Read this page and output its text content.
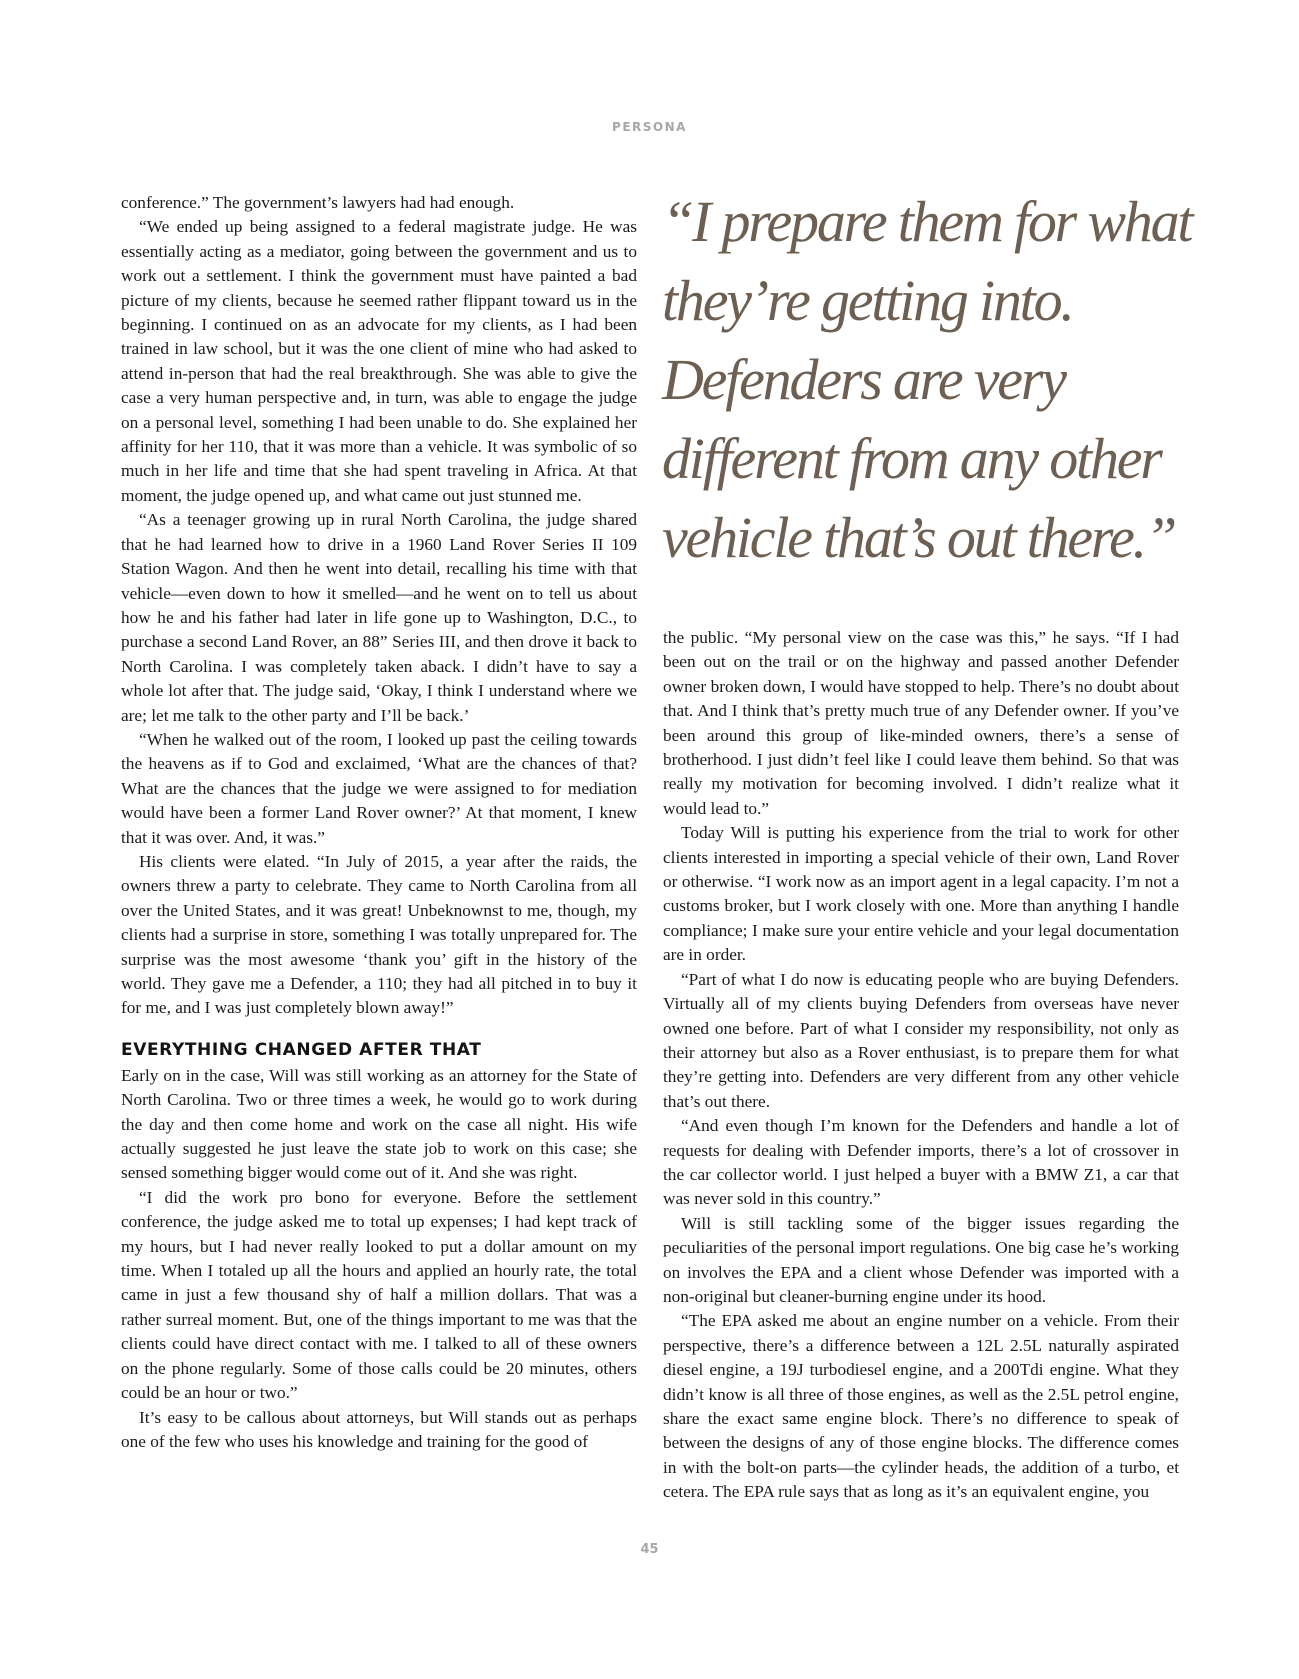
PERSONA

conference.” The government’s lawyers had had enough.

“We ended up being assigned to a federal magistrate judge. He was essentially acting as a mediator, going between the government and us to work out a settlement. I think the government must have painted a bad picture of my clients, because he seemed rather flippant toward us in the beginning. I continued on as an advocate for my clients, as I had been trained in law school, but it was the one client of mine who had asked to attend in-person that had the real breakthrough. She was able to give the case a very human perspective and, in turn, was able to engage the judge on a personal level, something I had been unable to do. She explained her affinity for her 110, that it was more than a vehicle. It was symbolic of so much in her life and time that she had spent traveling in Africa. At that moment, the judge opened up, and what came out just stunned me.

“As a teenager growing up in rural North Carolina, the judge shared that he had learned how to drive in a 1960 Land Rover Series II 109 Station Wagon. And then he went into detail, recalling his time with that vehicle—even down to how it smelled—and he went on to tell us about how he and his father had later in life gone up to Washington, D.C., to purchase a second Land Rover, an 88” Series III, and then drove it back to North Carolina. I was completely taken aback. I didn’t have to say a whole lot after that. The judge said, ‘Okay, I think I understand where we are; let me talk to the other party and I’ll be back.’

“When he walked out of the room, I looked up past the ceiling towards the heavens as if to God and exclaimed, ‘What are the chances of that? What are the chances that the judge we were assigned to for mediation would have been a former Land Rover owner?’ At that moment, I knew that it was over. And, it was.”

His clients were elated. “In July of 2015, a year after the raids, the owners threw a party to celebrate. They came to North Carolina from all over the United States, and it was great! Unbeknownst to me, though, my clients had a surprise in store, something I was totally unprepared for. The surprise was the most awesome ‘thank you’ gift in the history of the world. They gave me a Defender, a 110; they had all pitched in to buy it for me, and I was just completely blown away!”

EVERYTHING CHANGED AFTER THAT

Early on in the case, Will was still working as an attorney for the State of North Carolina. Two or three times a week, he would go to work during the day and then come home and work on the case all night. His wife actually suggested he just leave the state job to work on this case; she sensed something bigger would come out of it. And she was right.

“I did the work pro bono for everyone. Before the settlement conference, the judge asked me to total up expenses; I had kept track of my hours, but I had never really looked to put a dollar amount on my time. When I totaled up all the hours and applied an hourly rate, the total came in just a few thousand shy of half a million dollars. That was a rather surreal moment. But, one of the things important to me was that the clients could have direct contact with me. I talked to all of these owners on the phone regularly. Some of those calls could be 20 minutes, others could be an hour or two.”

It’s easy to be callous about attorneys, but Will stands out as perhaps one of the few who uses his knowledge and training for the good of

“I prepare them for what they’re getting into. Defenders are very different from any other vehicle that’s out there.”

the public. “My personal view on the case was this,” he says. “If I had been out on the trail or on the highway and passed another Defender owner broken down, I would have stopped to help. There’s no doubt about that. And I think that’s pretty much true of any Defender owner. If you’ve been around this group of like-minded owners, there’s a sense of brotherhood. I just didn’t feel like I could leave them behind. So that was really my motivation for becoming involved. I didn’t realize what it would lead to.”

Today Will is putting his experience from the trial to work for other clients interested in importing a special vehicle of their own, Land Rover or otherwise. “I work now as an import agent in a legal capacity. I’m not a customs broker, but I work closely with one. More than anything I handle compliance; I make sure your entire vehicle and your legal documentation are in order.

“Part of what I do now is educating people who are buying Defenders. Virtually all of my clients buying Defenders from overseas have never owned one before. Part of what I consider my responsibility, not only as their attorney but also as a Rover enthusiast, is to prepare them for what they’re getting into. Defenders are very different from any other vehicle that’s out there.

“And even though I’m known for the Defenders and handle a lot of requests for dealing with Defender imports, there’s a lot of crossover in the car collector world. I just helped a buyer with a BMW Z1, a car that was never sold in this country.”

Will is still tackling some of the bigger issues regarding the peculiarities of the personal import regulations. One big case he’s working on involves the EPA and a client whose Defender was imported with a non-original but cleaner-burning engine under its hood.

“The EPA asked me about an engine number on a vehicle. From their perspective, there’s a difference between a 12L 2.5L naturally aspirated diesel engine, a 19J turbodiesel engine, and a 200Tdi engine. What they didn’t know is all three of those engines, as well as the 2.5L petrol engine, share the exact same engine block. There’s no difference to speak of between the designs of any of those engine blocks. The difference comes in with the bolt-on parts—the cylinder heads, the addition of a turbo, et cetera. The EPA rule says that as long as it’s an equivalent engine, you

45
